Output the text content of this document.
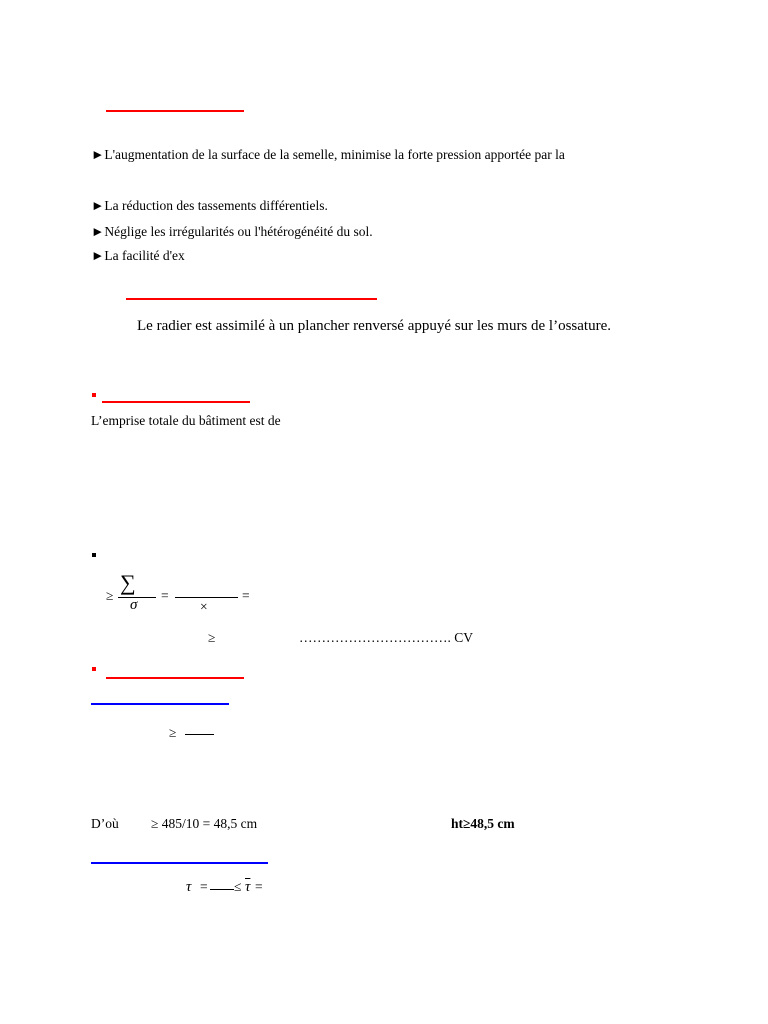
►L'augmentation de la surface de la semelle, minimise la forte pression apportée par la
►La réduction des tassements différentiels.
►Néglige les irrégularités ou l'hétérogénéité du sol.
►La facilité d'ex
Le radier est assimilé à un plancher renversé appuyé sur les murs de l’ossature.
L’emprise totale du bâtiment est de
≥
∑
σ
=
×
=
≥	……………………………. CV
≥
D’où ≥ 485/10 = 48,5 cm	ht≥48,5 cm
τ = ≤ $\overline{\tau}$ =
